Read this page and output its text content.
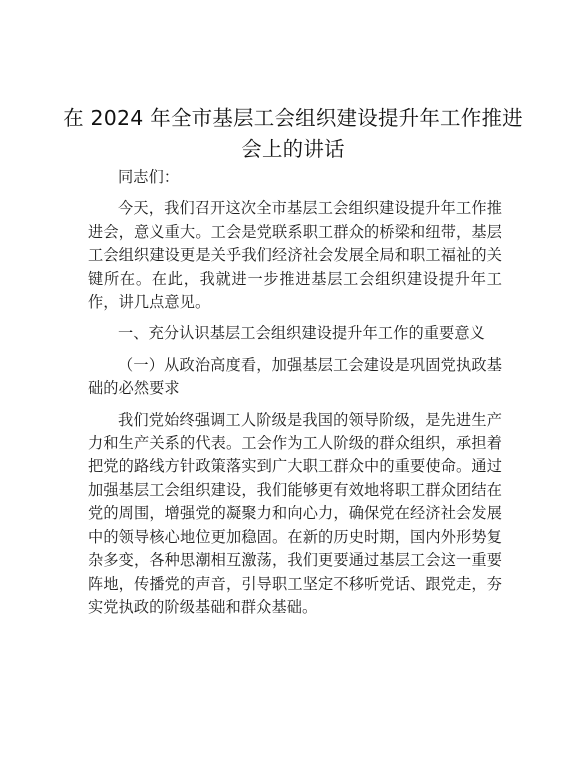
在 2024 年全市基层工会组织建设提升年工作推进会上的讲话

同志们：

今天，我们召开这次全市基层工会组织建设提升年工作推进会，意义重大。工会是党联系职工群众的桥梁和纽带，基层工会组织建设更是关乎我们经济社会发展全局和职工福祉的关键所在。在此，我就进一步推进基层工会组织建设提升年工作，讲几点意见。

一、充分认识基层工会组织建设提升年工作的重要意义

（一）从政治高度看，加强基层工会建设是巩固党执政基础的必然要求

我们党始终强调工人阶级是我国的领导阶级，是先进生产力和生产关系的代表。工会作为工人阶级的群众组织，承担着把党的路线方针政策落实到广大职工群众中的重要使命。通过加强基层工会组织建设，我们能够更有效地将职工群众团结在党的周围，增强党的凝聚力和向心力，确保党在经济社会发展中的领导核心地位更加稳固。在新的历史时期，国内外形势复杂多变，各种思潮相互激荡，我们更要通过基层工会这一重要阵地，传播党的声音，引导职工坚定不移听党话、跟党走，夯实党执政的阶级基础和群众基础。
